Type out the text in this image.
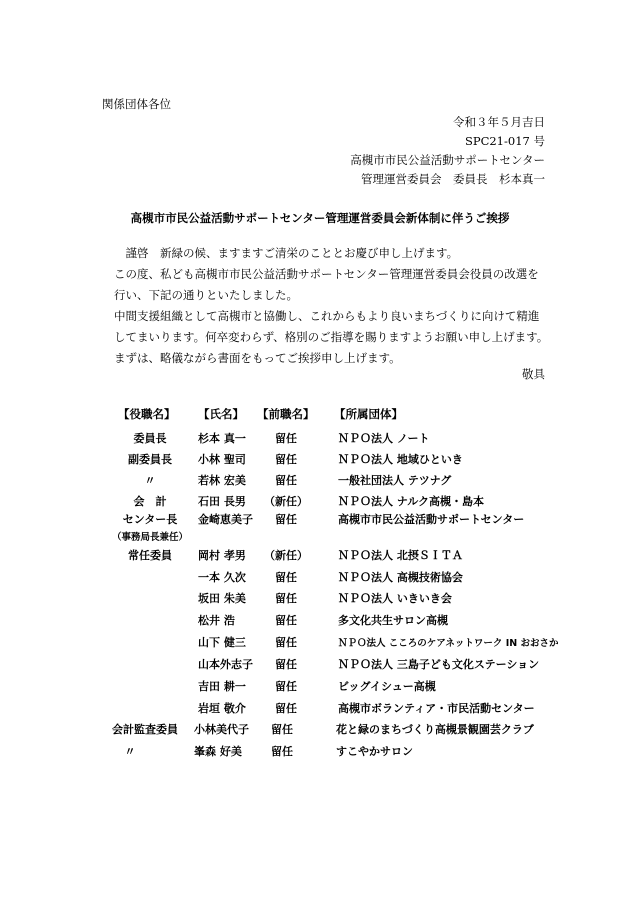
関係団体各位
令和３年５月吉日
SPC21-017 号
高槻市市民公益活動サポートセンター
管理運営委員会　委員長　杉本真一
高槻市市民公益活動サポートセンター管理運営委員会新体制に伴うご挨拶
　謹啓　新緑の候、ますますご清栄のこととお慶び申し上げます。
この度、私ども高槻市市民公益活動サポートセンター管理運営委員会役員の改選を
行い、下記の通りといたしました。
中間支援組織として高槻市と協働し、これからもより良いまちづくりに向けて精進
してまいります。何卒変わらず、格別のご指導を賜りますようお願い申し上げます。
まずは、略儀ながら書面をもってご挨拶申し上げます。
敬具
【役職名】 【氏名】 【前職名】 【所属団体】
委員長	杉本 真一	留任	ＮＰＯ法人 ノート
副委員長	小林 聖司	留任	ＮＰＯ法人 地域ひといき
〃	若林 宏美	留任	一般社団法人 テツナグ
会　計	石田 長男 （新任）	ＮＰＯ法人 ナルク高槻・島本
センター長
（事務局長兼任）
金崎恵美子	留任	高槻市市民公益活動サポートセンター
常任委員	岡村 孝男 （新任）	ＮＰＯ法人 北摂ＳＩＴＡ
一本 久次	留任	ＮＰＯ法人 高槻技術協会
坂田 朱美	留任	ＮＰＯ法人 いきいき会
松井 浩	留任	多文化共生サロン高槻
山下 健三	留任	ＮＰＯ法人 こころのケアネットワーク IN おおさか
山本外志子	留任	ＮＰＯ法人 三島子ども文化ステーション
吉田 耕一	留任	ビッグイシュー高槻
岩垣 敬介	留任	高槻市ボランティア・市民活動センター
会計監査委員	小林美代子	留任	花と緑のまちづくり高槻景観園芸クラブ
〃	峯森 好美	留任	すこやかサロン
